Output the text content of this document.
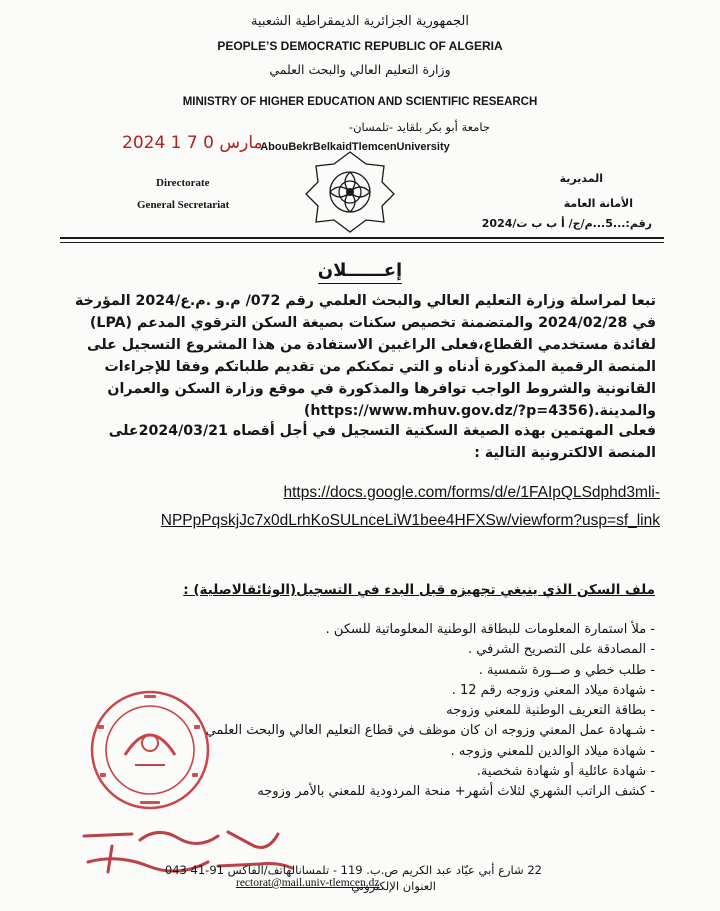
الجمهورية الجزائرية الديمقراطية الشعبية
PEOPLE’S DEMOCRATIC REPUBLIC OF ALGERIA
وزارة التعليم العالي والبحث العلمي
MINISTRY OF HIGHER EDUCATION AND SCIENTIFIC RESEARCH
جامعة أبو بكر بلقايد -تلمسان-
AbouBekrBelkaidTlemcenUniversity
2024 مارس 0 7 1
Directorate
General Secretariat
المديرية
الأمانة العامة
رقم:...5...م/ج/ أ ب ب ت/2024
إعــــــلان
تبعا لمراسلة وزارة التعليم العالي والبحث العلمي رقم 072/ م.و .م.ع/2024 المؤرخة في 2024/02/28 والمتضمنة تخصيص سكنات بصيغة السكن الترقوي المدعم (LPA) لفائدة مستخدمي القطاع،فعلى الراغبين الاستفادة من هذا المشروع التسجيل على المنصة الرقمية المذكورة أدناه و التي تمكنكم من تقديم طلباتكم وفقا للإجراءات القانونية والشروط الواجب توافرها والمذكورة في موقع وزارة السكن والعمران والمدينة.(https://www.mhuv.gov.dz/?p=4356)
فعلى المهتمين بهذه الصيغة السكنية التسجيل في أجل أقصاه 2024/03/21على المنصة الالكترونية التالية :
https://docs.google.com/forms/d/e/1FAIpQLSdphd3mli-
NPPpPqskjJc7x0dLrhKoSULnceLiW1bee4HFXSw/viewform?usp=sf_link
ملف السكن الذي ينبغي تجهيزه قبل البدء في التسجيل(الوثائقالاصلية) :
- ملأ استمارة المعلومات للبطاقة الوطنية المعلوماتية للسكن .
- المصادقة على التصريح الشرفي .
- طلب خطي و صــورة شمسية .
- شهادة ميلاد المعني وزوجه رقم 12 .
- بطاقة التعريف الوطنية للمعني وزوجه
- شـهادة عمل المعني وزوجه ان كان موظف في قطاع التعليم العالي والبحث العلمي
- شهادة ميلاد الوالدين للمعني وزوجه .
- شهادة عائلية أو شهادة شخصية.
- كشف الراتب الشهري لثلاث أشهر+ منحة المردودية للمعني بالأمر وزوجه
22 شارع أبي عيّاد عبد الكريم ص.ب. 119 - تلمسانالهاتف/الفاكس 91-41 043
العنوان الإلكتروني
rectorat@mail.univ-tlemcen.dz
